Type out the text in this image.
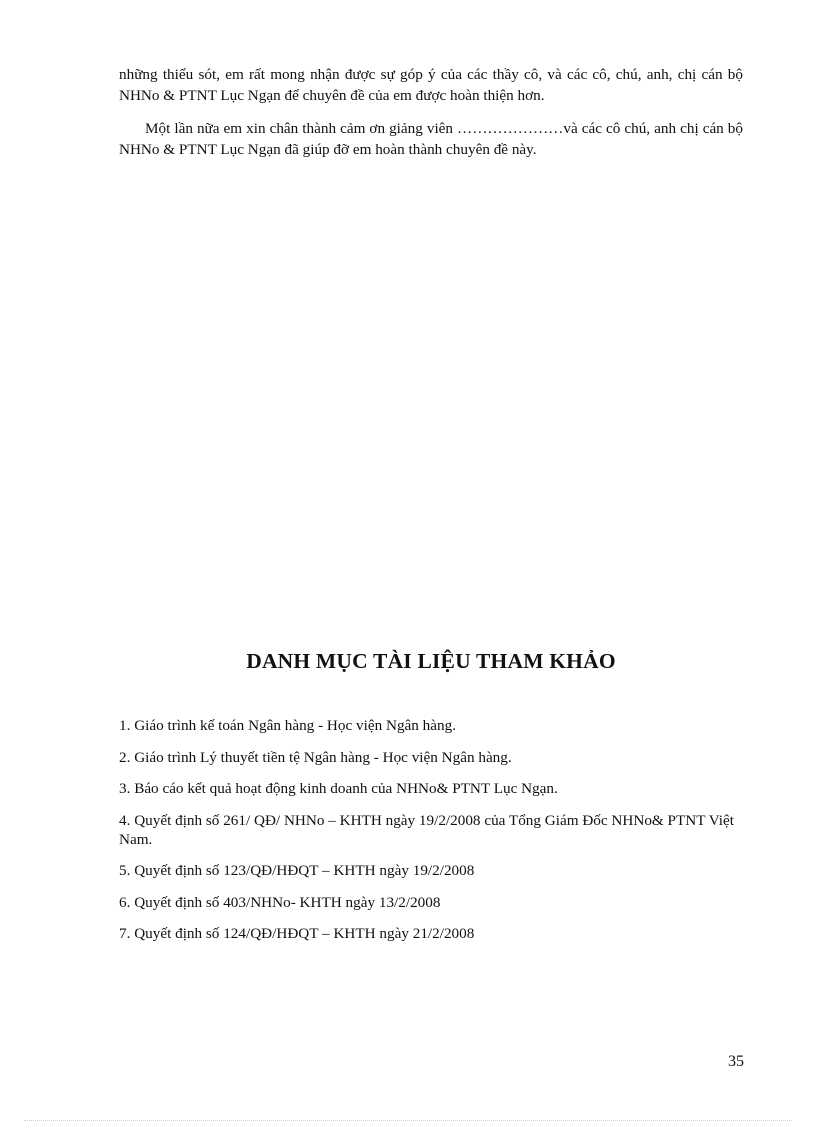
những thiếu sót, em rất mong nhận được sự góp ý của các thầy cô, và các cô, chú, anh, chị cán bộ NHNo & PTNT Lục Ngạn để chuyên đề của em được hoàn thiện hơn.

Một lần nữa em xin chân thành cảm ơn giảng viên …………………và các cô chú, anh chị cán bộ NHNo & PTNT Lục Ngạn đã giúp đỡ em hoàn thành chuyên đề này.

DANH MỤC TÀI LIỆU THAM KHẢO
1. Giáo trình kế toán Ngân hàng - Học viện Ngân hàng.
2. Giáo trình Lý thuyết tiền tệ Ngân hàng - Học viện Ngân hàng.
3. Báo cáo kết quả hoạt động kinh doanh của NHNo& PTNT Lục Ngạn.
4. Quyết định số 261/ QĐ/ NHNo – KHTH ngày 19/2/2008 của Tổng Giám Đốc NHNo& PTNT Việt Nam.
5. Quyết định số 123/QĐ/HĐQT – KHTH ngày 19/2/2008
6. Quyết định số 403/NHNo- KHTH ngày 13/2/2008
7. Quyết định số 124/QĐ/HĐQT – KHTH ngày 21/2/2008
35
